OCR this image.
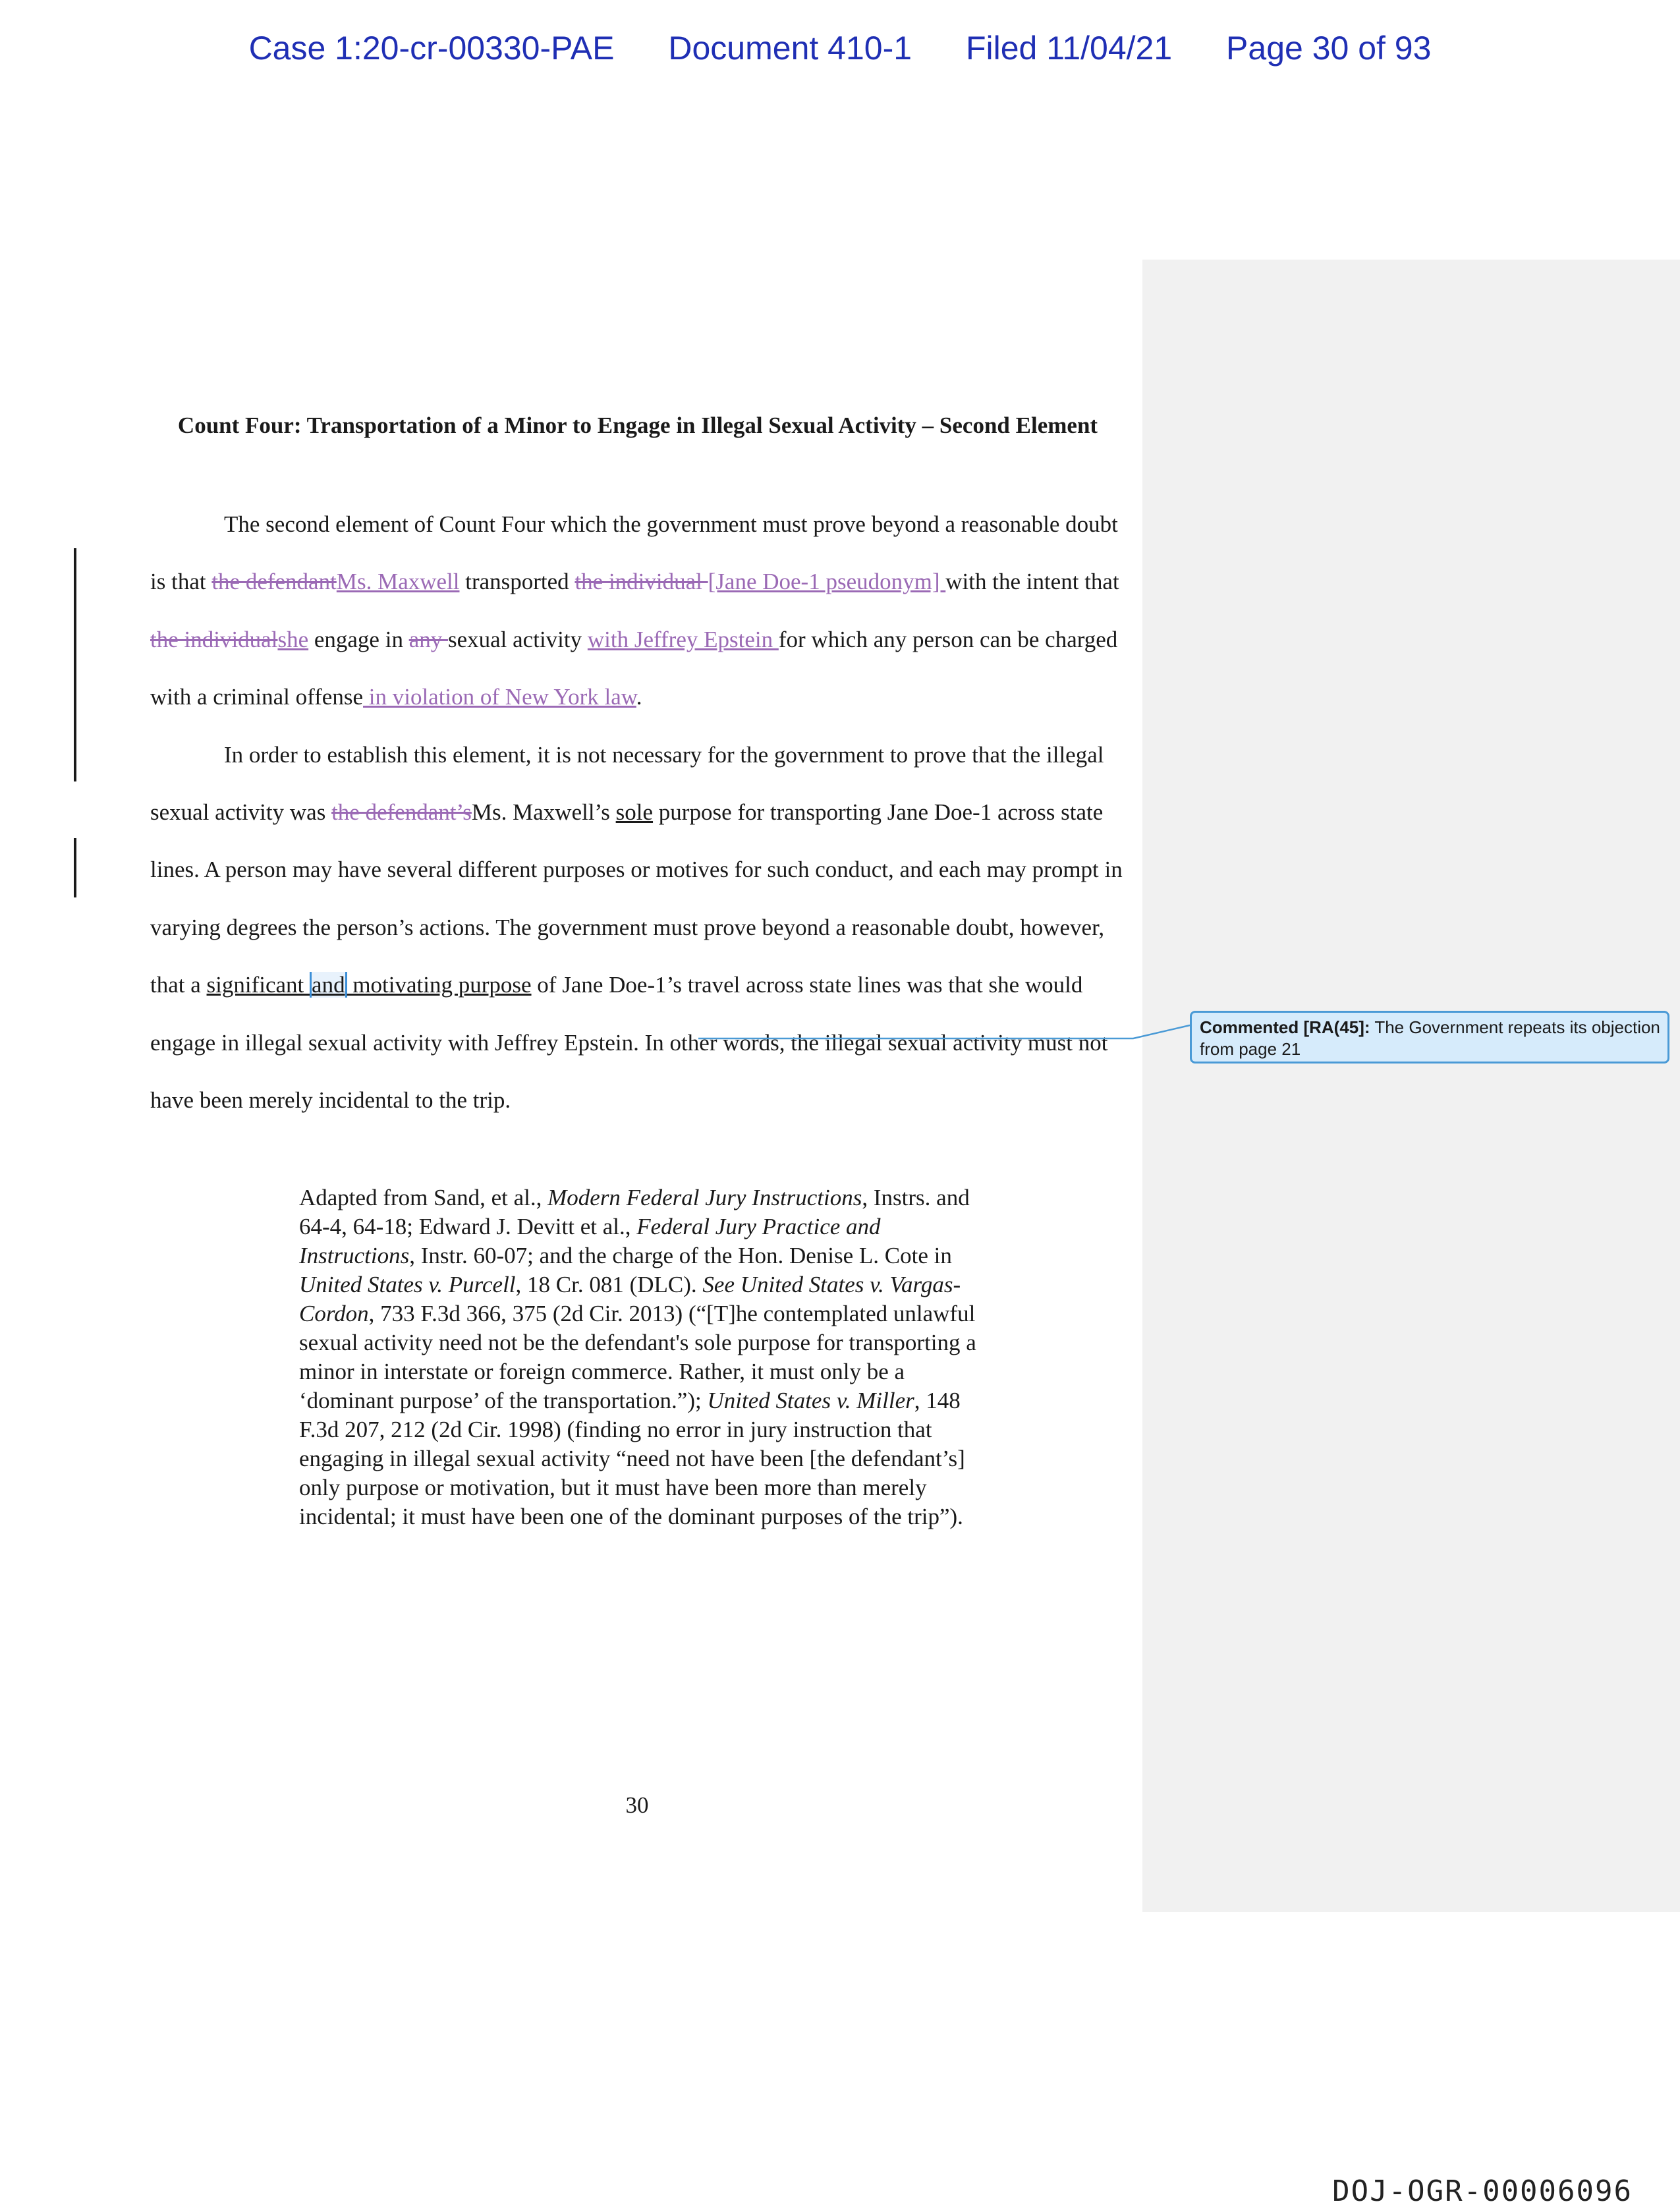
Case 1:20-cr-00330-PAE Document 410-1 Filed 11/04/21 Page 30 of 93
Count Four: Transportation of a Minor to Engage in Illegal Sexual Activity – Second Element

The second element of Count Four which the government must prove beyond a reasonable doubt is that the defendantMs. Maxwell transported the individual [Jane Doe-1 pseudonym] with the intent that the individualshe engage in any sexual activity with Jeffrey Epstein for which any person can be charged with a criminal offense in violation of New York law.

In order to establish this element, it is not necessary for the government to prove that the illegal sexual activity was the defendant’sMs. Maxwell’s sole purpose for transporting Jane Doe-1 across state lines. A person may have several different purposes or motives for such conduct, and each may prompt in varying degrees the person’s actions. The government must prove beyond a reasonable doubt, however, that a significant and motivating purpose of Jane Doe-1’s travel across state lines was that she would engage in illegal sexual activity with Jeffrey Epstein. In other words, the illegal sexual activity must not have been merely incidental to the trip.

Adapted from Sand, et al., Modern Federal Jury Instructions, Instrs. and 64-4, 64-18; Edward J. Devitt et al., Federal Jury Practice and Instructions, Instr. 60-07; and the charge of the Hon. Denise L. Cote in United States v. Purcell, 18 Cr. 081 (DLC). See United States v. Vargas-Cordon, 733 F.3d 366, 375 (2d Cir. 2013) (“[T]he contemplated unlawful sexual activity need not be the defendant's sole purpose for transporting a minor in interstate or foreign commerce. Rather, it must only be a ‘dominant purpose’ of the transportation.”); United States v. Miller, 148 F.3d 207, 212 (2d Cir. 1998) (finding no error in jury instruction that engaging in illegal sexual activity “need not have been [the defendant’s] only purpose or motivation, but it must have been more than merely incidental; it must have been one of the dominant purposes of the trip”).
30
Commented [RA(45]: The Government repeats its objection from page 21
DOJ-OGR-00006096
